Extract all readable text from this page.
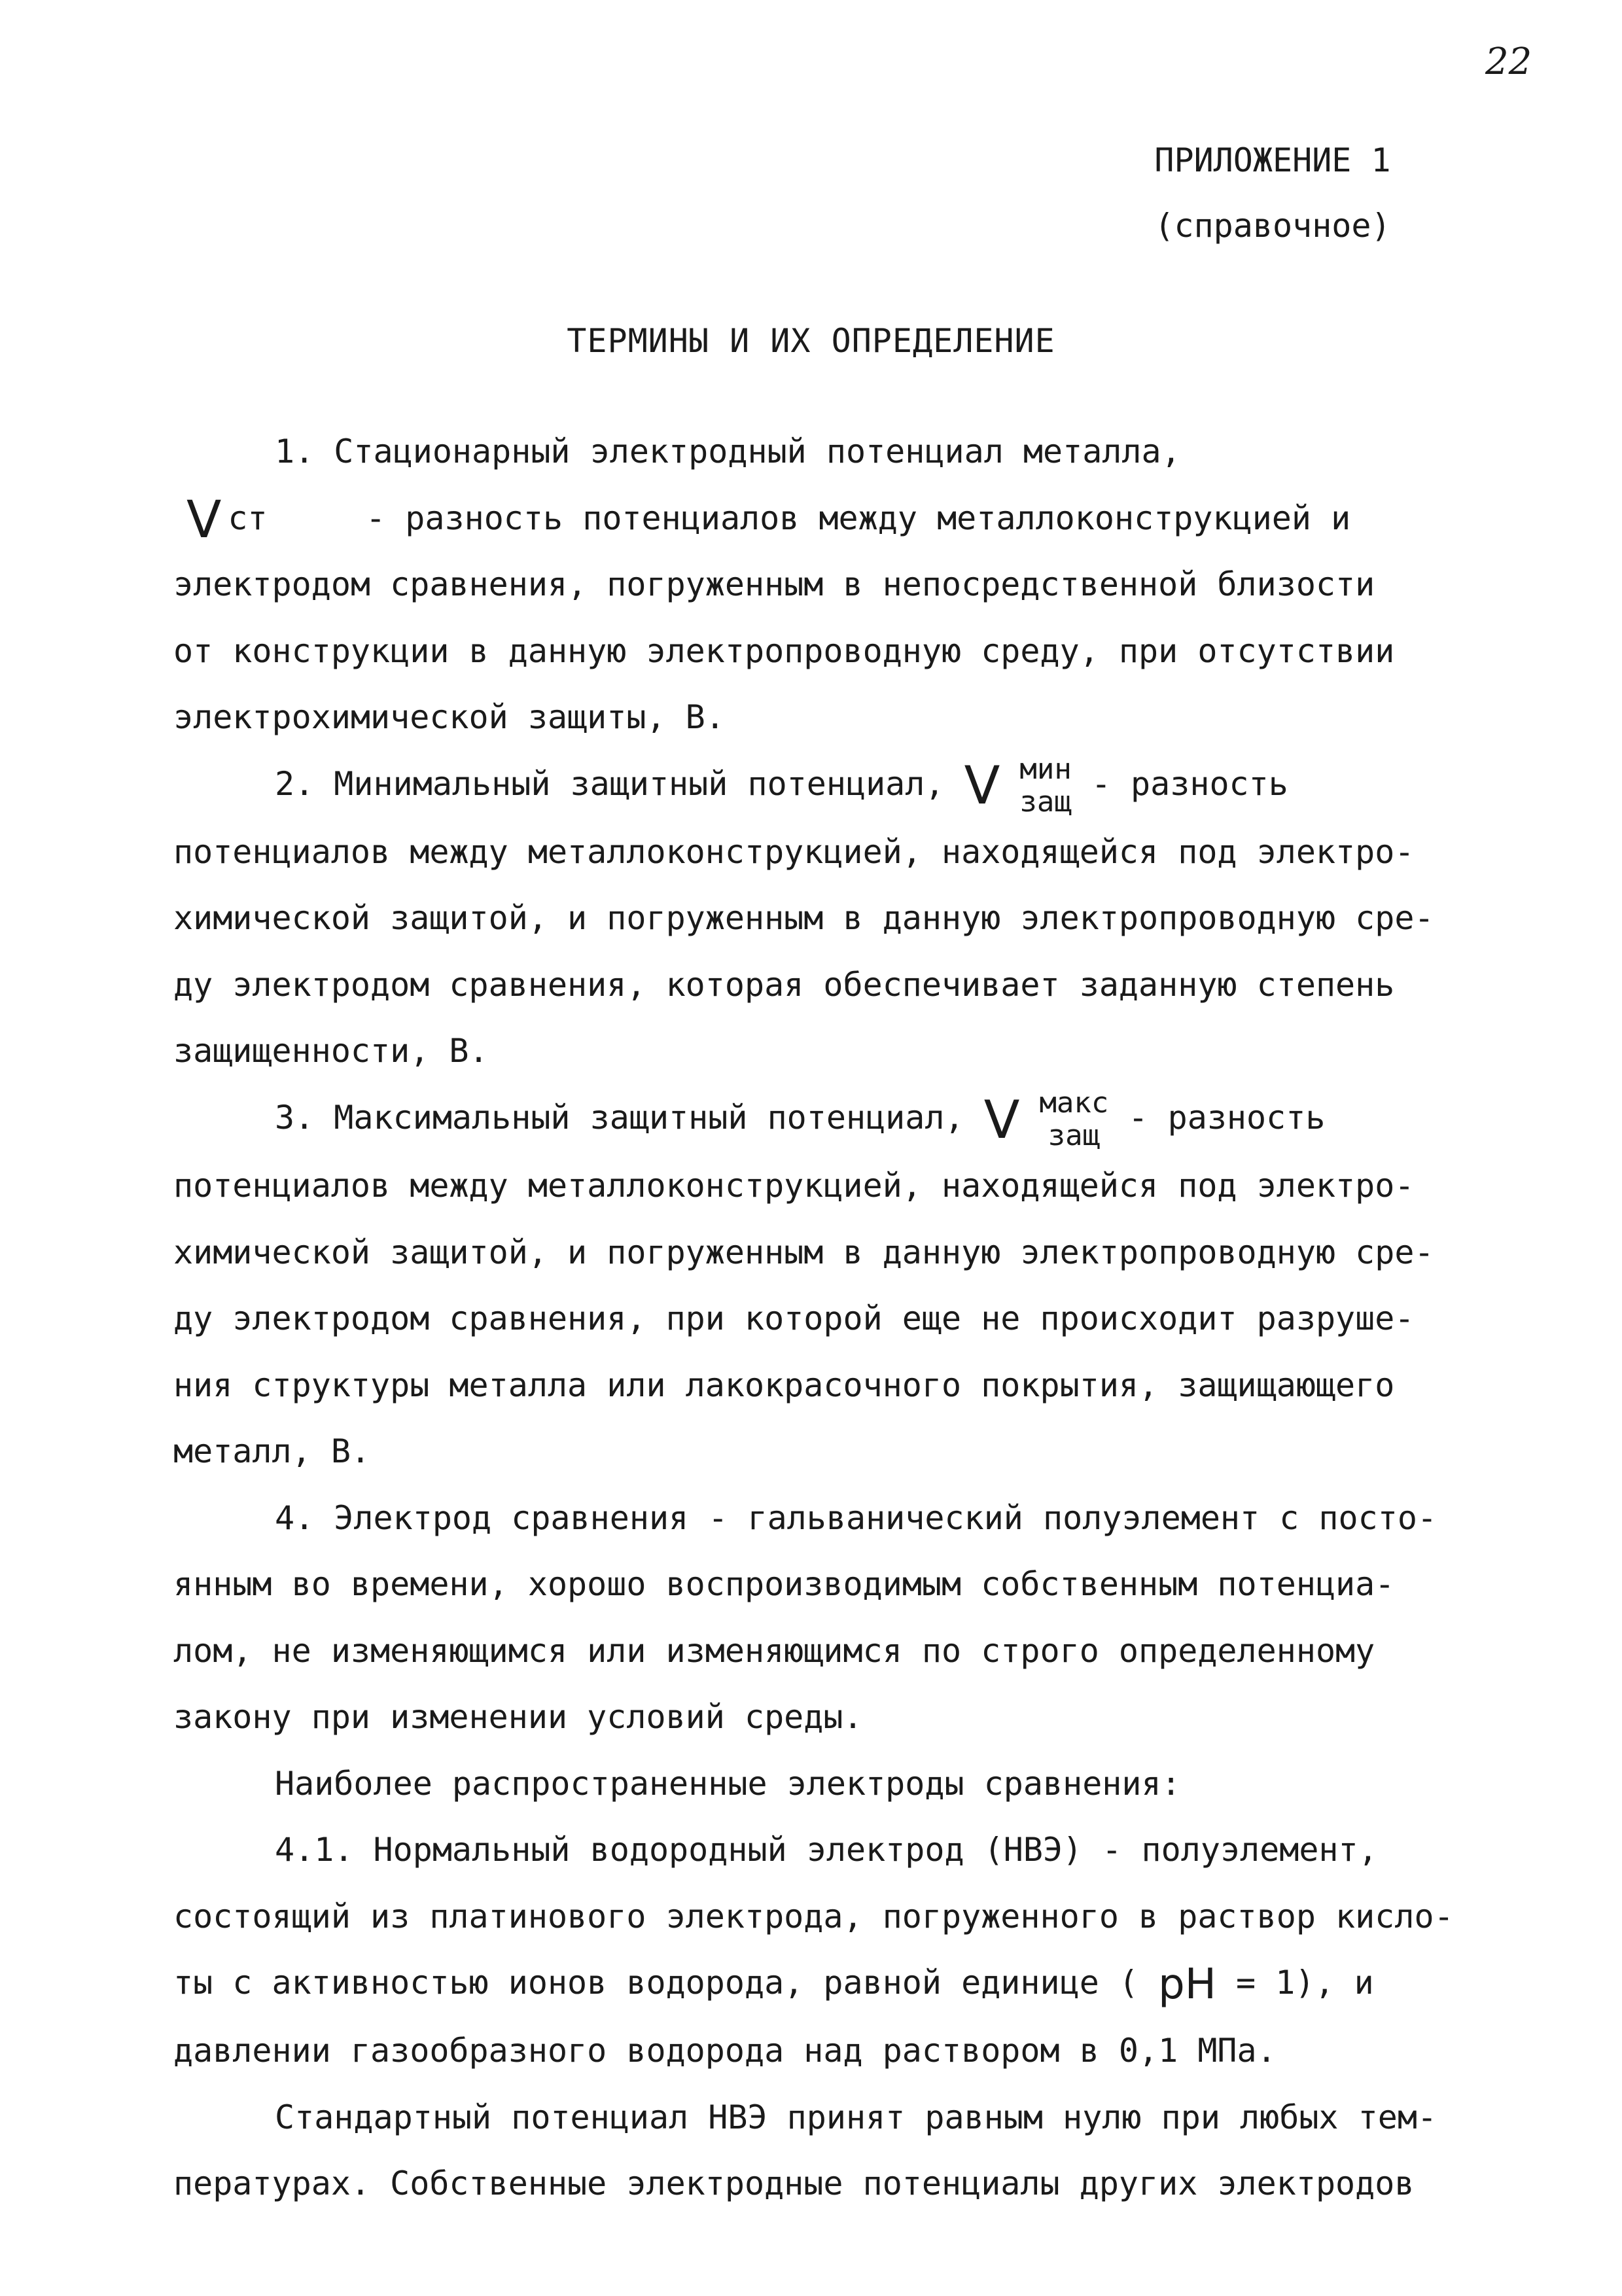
22
ПРИЛОЖЕНИЕ 1
(справочное)
ТЕРМИНЫ И ИХ ОПРЕДЕЛЕНИЕ

1. Стационарный электродный потенциал металла,

Vст	- разность потенциалов между металлоконструкцией и

электродом сравнения, погруженным в непосредственной близости

от конструкции в данную электропроводную среду, при отсутствии

электрохимической защиты, В.

2. Минимальный защитный потенциал, V мин
защ - разность

потенциалов между металлоконструкцией, находящейся под электро-

химической защитой, и погруженным в данную электропроводную сре-

ду электродом сравнения, которая обеспечивает заданную степень

защищенности, В.

3. Максимальный защитный потенциал, V макс
защ - разность

потенциалов между металлоконструкцией, находящейся под электро-

химической защитой, и погруженным в данную электропроводную сре-

ду электродом сравнения, при которой еще не происходит разруше-

ния структуры металла или лакокрасочного покрытия, защищающего

металл, В.

4. Электрод сравнения - гальванический полуэлемент с посто-

янным во времени, хорошо воспроизводимым собственным потенциа-

лом, не изменяющимся или изменяющимся по строго определенному

закону при изменении условий среды.

Наиболее распространенные электроды сравнения:

4.1. Нормальный водородный электрод (НВЭ) - полуэлемент,

состоящий из платинового электрода, погруженного в раствор кисло-

ты с активностью ионов водорода, равной единице ( pH = 1), и

давлении газообразного водорода над раствором в 0,1 МПа.

Стандартный потенциал НВЭ принят равным нулю при любых тем-

пературах. Собственные электродные потенциалы других электродов
